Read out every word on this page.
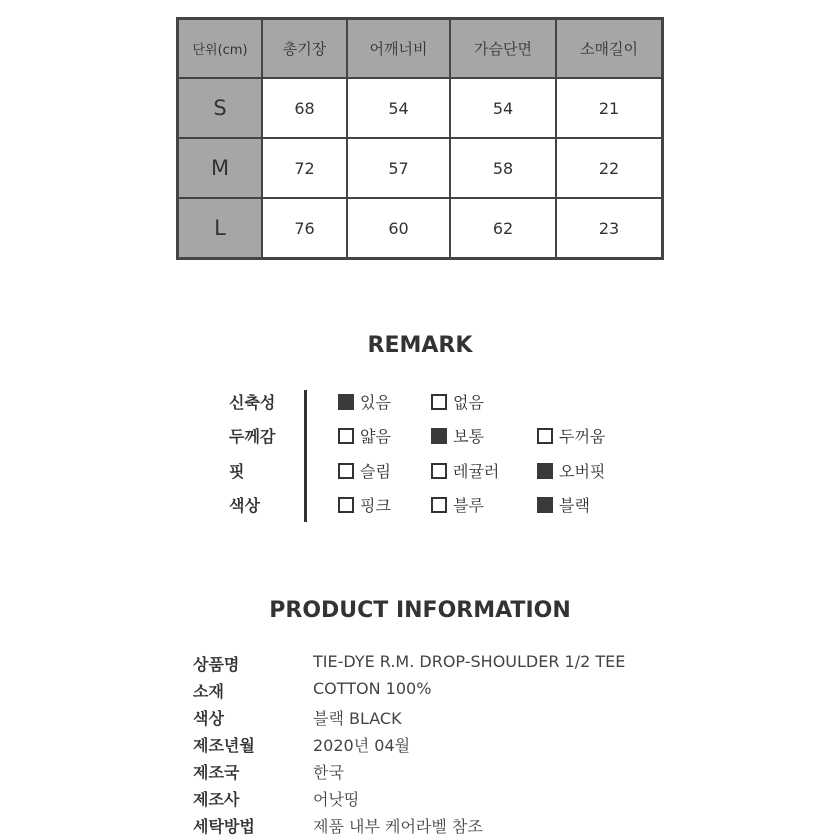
단위(cm)	총기장	어깨너비	가슴단면	소매길이
S	68	54	54	21
M	72	57	58	22
L	76	60	62	23
REMARK
신축성	있음	없음
두께감	얇음	보통	두꺼움
핏	슬림	레귤러	오버핏
색상	핑크	블루	블랙
PRODUCT INFORMATION
상품명	TIE-DYE R.M. DROP-SHOULDER 1/2 TEE
소재	COTTON 100%
색상	블랙 BLACK
제조년월	2020년 04월
제조국	한국
제조사	어낫띵
세탁방법	제품 내부 케어라벨 참조
